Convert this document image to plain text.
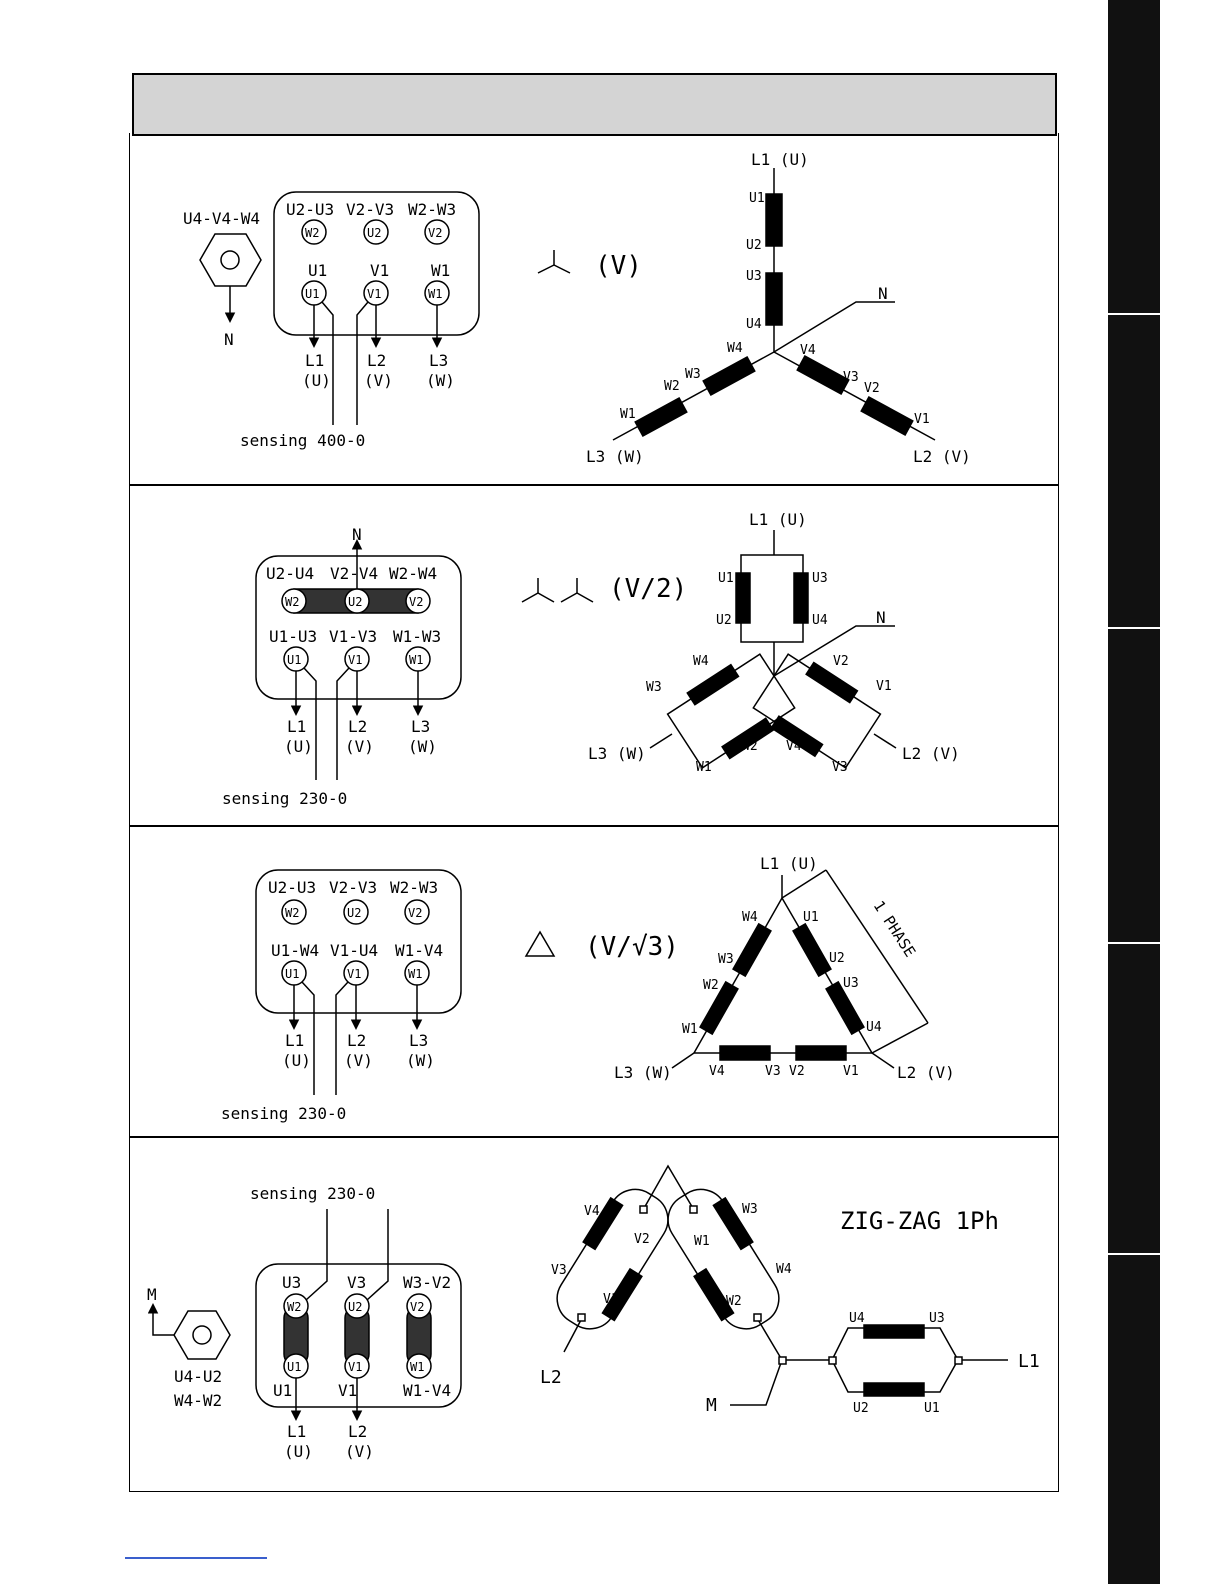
U4-V4-W4
N
U2-U3 V2-V3 W2-W3
W2	U2	V2
U1	V1	W1
U1	V1	W1
L1	L2	L3
(U) (V) (W)
sensing 400-0
(V)
L1 (U)
N
L3 (W)	L2 (V)
U1
U2
U3
U4
V4
V3
V2
V1
W4
W3
W2
W1
N
U2-U4 V2-V4 W2-W4
W2	U2	V2
U1-U3 V1-V3 W1-W3
U1	V1	W1
L1	L2	L3
(U) (V) (W)
sensing 230-0
(V/2)
L1 (U)
N
L3 (W)	L2 (V)
U1
U2
U3
U4
V2
V1
V4
V3
W4
W3
W2
W1
U2-U3 V2-V3 W2-W3
W2	U2	V2
U1-W4 V1-U4 W1-V4
U1	V1	W1
L1	L2	L3
(U) (V) (W)
sensing 230-0
(V/√3)
L1 (U)
L3 (W)	L2 (V)
1 PHASE
U1
U2
U3
U4
W4
W3
W2
W1
V4	V3 V2	V1
sensing 230-0
M
U4-U2
W4-W2
U3	V3 W3-V2
W2	U2	V2
U1	V1	W1
U1	V1	W1-V4
L1	L2
(U) (V)
ZIG-ZAG 1Ph
V4
V3
V2
V1
W1
W2
W3
W4
U4	U3
U2	U1
L2
L1
M
